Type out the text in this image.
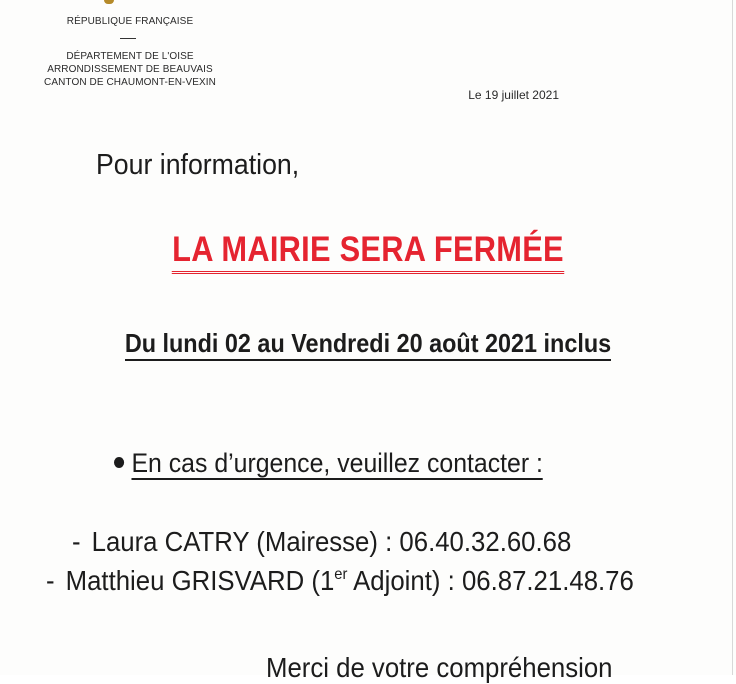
RÉPUBLIQUE FRANÇAISE
DÉPARTEMENT DE L'OISE
ARRONDISSEMENT DE BEAUVAIS
CANTON DE CHAUMONT-EN-VEXIN
Le 19 juillet 2021
Pour information,
LA MAIRIE SERA FERMÉE
Du lundi 02 au Vendredi 20 août 2021 inclus
En cas d’urgence, veuillez contacter :
- Laura CATRY (Mairesse) : 06.40.32.60.68
- Matthieu GRISVARD (1er Adjoint) : 06.87.21.48.76
Merci de votre compréhension
